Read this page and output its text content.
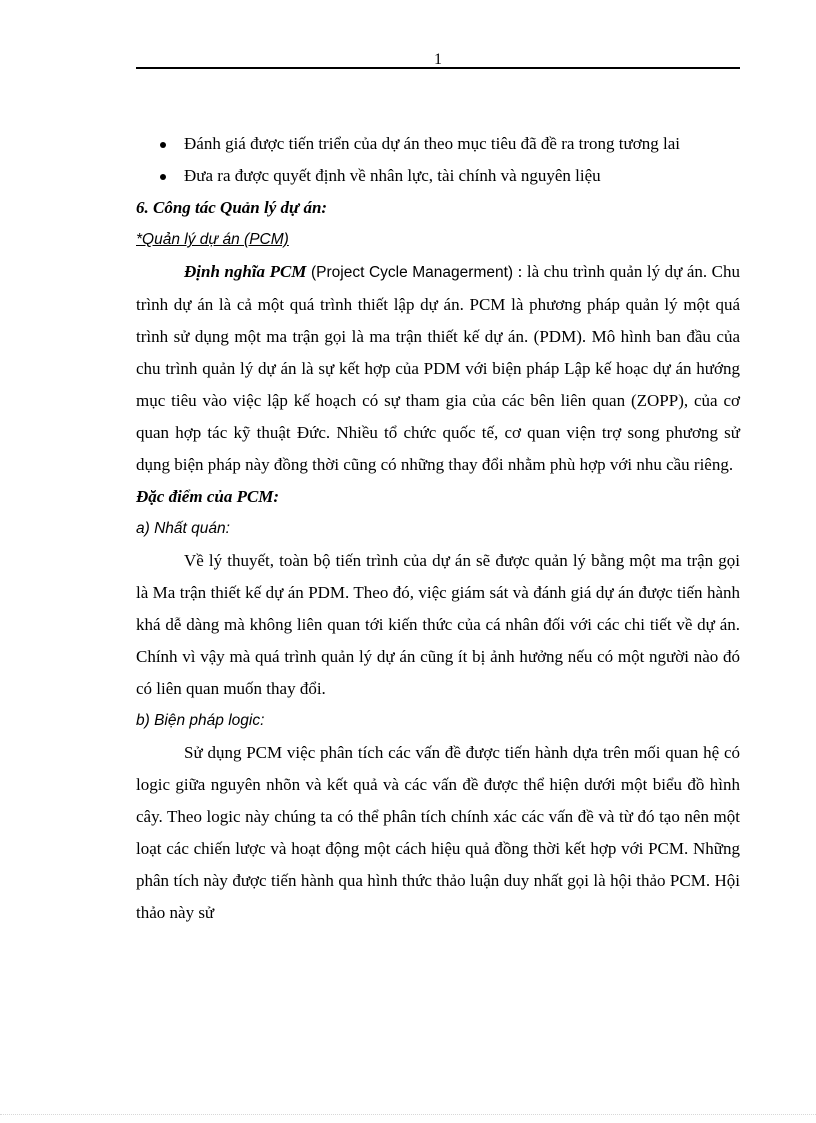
1
Đánh giá được tiến triển của dự án theo mục tiêu đã đề ra trong tương lai
Đưa ra được quyết định về nhân lực, tài chính và nguyên liệu

6. Công tác Quản lý dự án:

*Quản lý dự án (PCM)

Định nghĩa PCM (Project Cycle Managerment) : là chu trình quản lý dự án. Chu trình dự án là cả một quá trình thiết lập dự án. PCM là phương pháp quản lý một quá trình sử dụng một ma trận gọi là ma trận thiết kế dự án. (PDM). Mô hình ban đầu của chu trình quản lý dự án là sự kết hợp của PDM với biện pháp Lập kế hoạc dự án hướng mục tiêu vào việc lập kế hoạch có sự tham gia của các bên liên quan (ZOPP), của cơ quan hợp tác kỹ thuật Đức. Nhiều tổ chức quốc tế, cơ quan viện trợ song phương sử dụng biện pháp này đồng thời cũng có những thay đổi nhằm phù hợp với nhu cầu riêng.

Đặc điểm của PCM:

a) Nhất quán:

Về lý thuyết, toàn bộ tiến trình của dự án sẽ được quản lý bằng một ma trận gọi là Ma trận thiết kế dự án PDM. Theo đó, việc giám sát và đánh giá dự án được tiến hành khá dễ dàng mà không liên quan tới kiến thức của cá nhân đối với các chi tiết về dự án. Chính vì vậy mà quá trình quản lý dự án cũng ít bị ảnh hưởng nếu có một người nào đó có liên quan muốn thay đổi.

b) Biện pháp logic:

Sử dụng PCM việc phân tích các vấn đề được tiến hành dựa trên mối quan hệ có logic giữa nguyên nhõn và kết quả và các vấn đề được thể hiện dưới một biểu đồ hình cây. Theo logic này chúng ta có thể phân tích chính xác các vấn đề và từ đó tạo nên một loạt các chiến lược và hoạt động một cách hiệu quả đồng thời kết hợp với PCM. Những phân tích này được tiến hành qua hình thức thảo luận duy nhất gọi là hội thảo PCM. Hội thảo này sử
